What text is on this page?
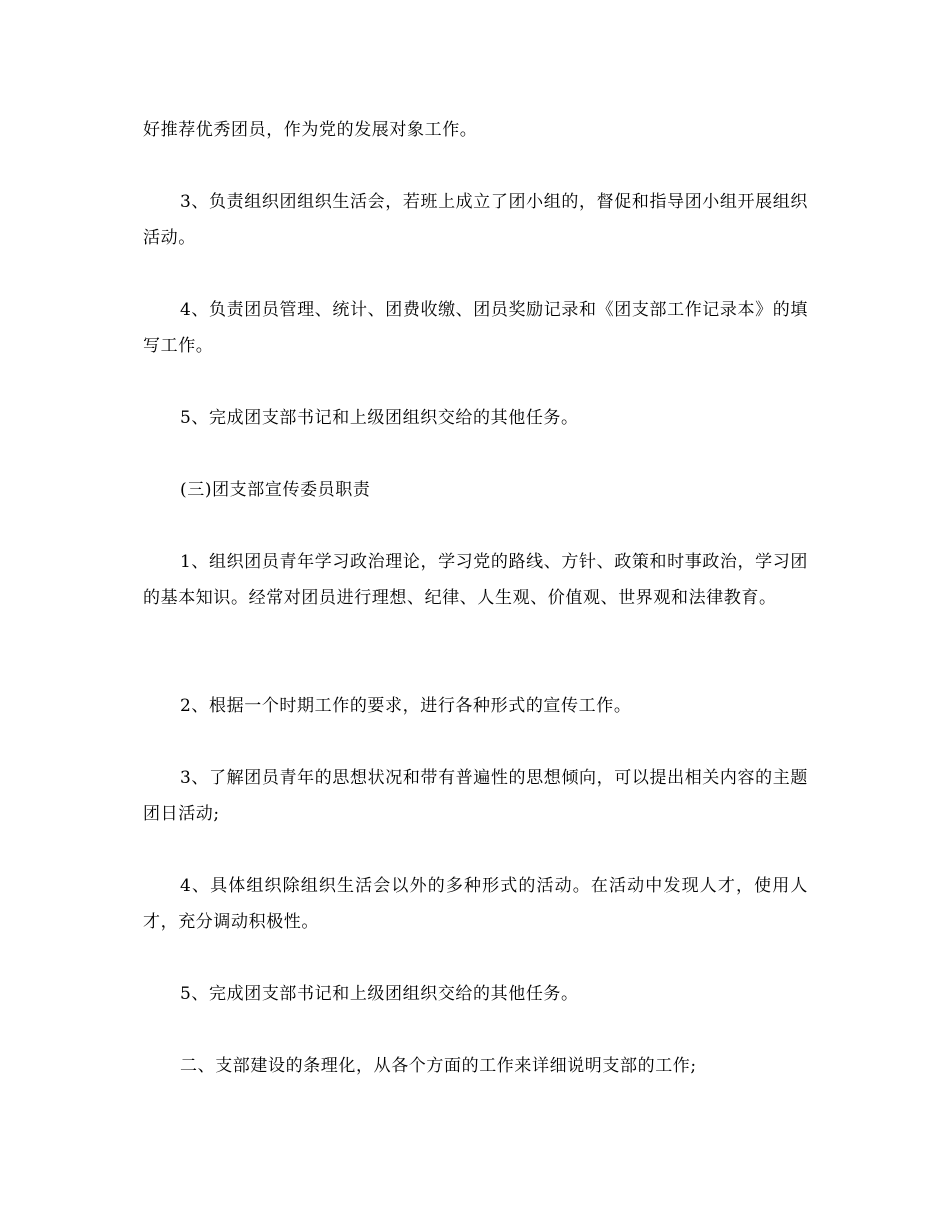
好推荐优秀团员，作为党的发展对象工作。

3、负责组织团组织生活会，若班上成立了团小组的，督促和指导团小组开展组织活动。

4、负责团员管理、统计、团费收缴、团员奖励记录和《团支部工作记录本》的填写工作。

5、完成团支部书记和上级团组织交给的其他任务。

(三)团支部宣传委员职责

1、组织团员青年学习政治理论，学习党的路线、方针、政策和时事政治，学习团的基本知识。经常对团员进行理想、纪律、人生观、价值观、世界观和法律教育。

2、根据一个时期工作的要求，进行各种形式的宣传工作。

3、了解团员青年的思想状况和带有普遍性的思想倾向，可以提出相关内容的主题团日活动;

4、具体组织除组织生活会以外的多种形式的活动。在活动中发现人才，使用人才，充分调动积极性。

5、完成团支部书记和上级团组织交给的其他任务。

二、支部建设的条理化，从各个方面的工作来详细说明支部的工作;
